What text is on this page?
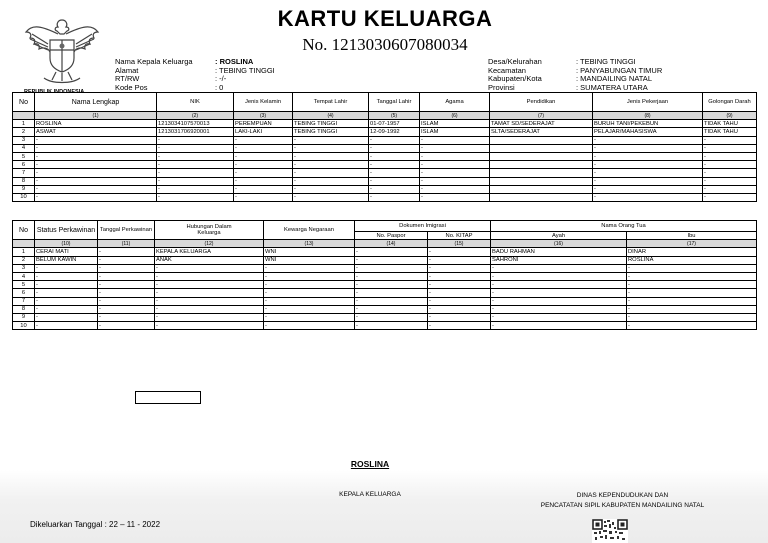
REPUBLIK INDONESIA
KARTU KELUARGA
No. 1213030607080034
Nama Kepala Keluarga	: ROSLINA
Alamat	: TEBING TINGGI
RT/RW	: -/-
Kode Pos	: 0
Desa/Kelurahan	: TEBING TINGGI
Kecamatan	: PANYABUNGAN TIMUR
Kabupaten/Kota	: MANDAILING NATAL
Provinsi	: SUMATERA UTARA
No	Nama Lengkap	NIK	Jenis Kelamin	Tempat Lahir	Tanggal Lahir	Agama	Pendidikan	Jenis Pekerjaan	Golongan Darah
	(1)	(2)	(3)	(4)	(5)	(6)	(7)	(8)	(9)
1	ROSLINA	1213034107570013	PEREMPUAN	TEBING TINGGI	01-07-1957	ISLAM	TAMAT SD/SEDERAJAT	BURUH TANI/PEKEBUN	TIDAK TAHU
2	ASWAT	1213031706920001	LAKI-LAKI	TEBING TINGGI	12-09-1992	ISLAM	SLTA/SEDERAJAT	PELAJAR/MAHASISWA	TIDAK TAHU
3	-	-	-	-	-	-		-	-
4	-	-	-	-	-	-		-	-
5	-	-	-	-	-	-		-	-
6	-	-	-	-	-	-		-	-
7	-	-	-	-	-	-		-	-
8	-	-	-	-	-	-		-	-
9	-	-	-	-	-	-		-	-
10	-	-	-	-	-	-		-	-
No	Status Perkawinan	Tanggal Perkawinan	Hubungan Dalam Keluarga	Kewarga Negaraan	Dokumen Imigrasi		Nama Orang Tua	
					No. Paspor	No. KITAP	Ayah	Ibu
	(10)	(11)	(12)	(13)	(14)	(15)	(16)	(17)
1	CERAI MATI	-	KEPALA KELUARGA	WNI	-	-	BADU RAHMAN	DINAR
2	BELUM KAWIN	-	ANAK	WNI	-	-	SAHRONI	ROSLINA
3	-	-	-	-	-	-	-	-
4	-	-	-	-	-	-	-	-
5	-	-	-	-	-	-	-	-
6	-	-	-	-	-	-	-	-
7	-	-	-	-	-	-	-	-
8	-	-	-	-	-	-	-	-
9	-	-	-	-	-	-	-	-
10	-	-	-	-	-	-	-	-
ROSLINA
KEPALA KELUARGA	DINAS KEPENDUDUKAN DAN
PENCATATAN SIPIL KABUPATEN MANDAILING NATAL
Dikeluarkan Tanggal : 22 – 11 - 2022
